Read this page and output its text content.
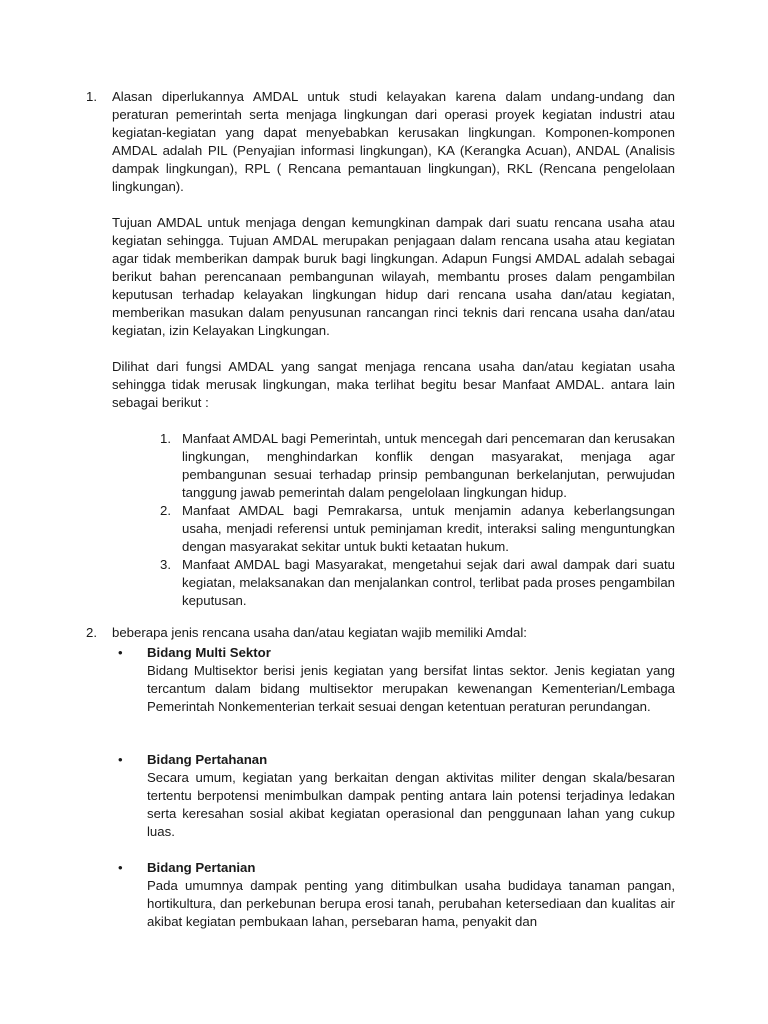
1. Alasan diperlukannya AMDAL untuk studi kelayakan karena dalam undang-undang dan peraturan pemerintah serta menjaga lingkungan dari operasi proyek kegiatan industri atau kegiatan-kegiatan yang dapat menyebabkan kerusakan lingkungan. Komponen-komponen AMDAL adalah PIL (Penyajian informasi lingkungan), KA (Kerangka Acuan), ANDAL (Analisis dampak lingkungan), RPL ( Rencana pemantauan lingkungan), RKL (Rencana pengelolaan lingkungan).

Tujuan AMDAL untuk menjaga dengan kemungkinan dampak dari suatu rencana usaha atau kegiatan sehingga. Tujuan AMDAL merupakan penjagaan dalam rencana usaha atau kegiatan agar tidak memberikan dampak buruk bagi lingkungan. Adapun Fungsi AMDAL adalah sebagai berikut bahan perencanaan pembangunan wilayah, membantu proses dalam pengambilan keputusan terhadap kelayakan lingkungan hidup dari rencana usaha dan/atau kegiatan, memberikan masukan dalam penyusunan rancangan rinci teknis dari rencana usaha dan/atau kegiatan, izin Kelayakan Lingkungan.

Dilihat dari fungsi AMDAL yang sangat menjaga rencana usaha dan/atau kegiatan usaha sehingga tidak merusak lingkungan, maka terlihat begitu besar Manfaat AMDAL. antara lain sebagai berikut :

1. Manfaat AMDAL bagi Pemerintah, untuk mencegah dari pencemaran dan kerusakan lingkungan, menghindarkan konflik dengan masyarakat, menjaga agar pembangunan sesuai terhadap prinsip pembangunan berkelanjutan, perwujudan tanggung jawab pemerintah dalam pengelolaan lingkungan hidup.

2. Manfaat AMDAL bagi Pemrakarsa, untuk menjamin adanya keberlangsungan usaha, menjadi referensi untuk peminjaman kredit, interaksi saling menguntungkan dengan masyarakat sekitar untuk bukti ketaatan hukum.

3. Manfaat AMDAL bagi Masyarakat, mengetahui sejak dari awal dampak dari suatu kegiatan, melaksanakan dan menjalankan control, terlibat pada proses pengambilan keputusan.

2. beberapa jenis rencana usaha dan/atau kegiatan wajib memiliki Amdal:

• Bidang Multi Sektor

Bidang Multisektor berisi jenis kegiatan yang bersifat lintas sektor. Jenis kegiatan yang tercantum dalam bidang multisektor merupakan kewenangan Kementerian/Lembaga Pemerintah Nonkementerian terkait sesuai dengan ketentuan peraturan perundangan.

• Bidang Pertahanan

Secara umum, kegiatan yang berkaitan dengan aktivitas militer dengan skala/besaran tertentu berpotensi menimbulkan dampak penting antara lain potensi terjadinya ledakan serta keresahan sosial akibat kegiatan operasional dan penggunaan lahan yang cukup luas.

• Bidang Pertanian

Pada umumnya dampak penting yang ditimbulkan usaha budidaya tanaman pangan, hortikultura, dan perkebunan berupa erosi tanah, perubahan ketersediaan dan kualitas air akibat kegiatan pembukaan lahan, persebaran hama, penyakit dan
